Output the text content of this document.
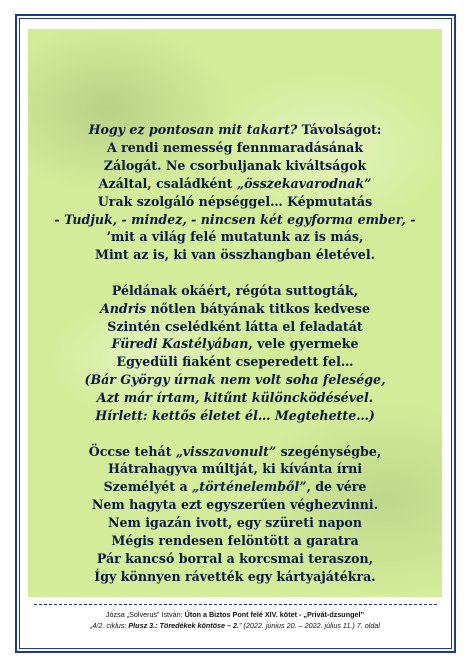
Hogy ez pontosan mit takart? Távolságot:
A rendi nemesség fennmaradásának
Zálogát. Ne csorbuljanak kiváltságok
Azáltal, családként „összekavarodnak”
Urak szolgáló népséggel… Képmutatás
- Tudjuk, - mindez, - nincsen két egyforma ember, -
’mit a világ felé mutatunk az is más,
Mint az is, ki van összhangban életével.
Példának okáért, régóta suttogták,
Andris nőtlen bátyának titkos kedvese
Szintén cselédként látta el feladatát
Füredi Kastélyában, vele gyermeke
Egyedüli fiaként cseperedett fel…
(Bár György úrnak nem volt soha felesége,
Azt már írtam, kitűnt különcködésével.
Hírlett: kettős életet él… Megtehette…)
Öccse tehát „visszavonult” szegénységbe,
Hátrahagyva múltját, ki kívánta írni
Személyét a „történelemből”, de vére
Nem hagyta ezt egyszerűen véghezvinni.
Nem igazán ivott, egy szüreti napon
Mégis rendesen felöntött a garatra
Pár kancsó borral a korcsmai teraszon,
Így könnyen rávették egy kártyajátékra.
Józsa „Solverus” István: Úton a Biztos Pont felé XIV. kötet - „Privát-dzsungel”
„4/2. ciklus: Plusz 3.: Töredékek köntöse – 2.” (2022. június 20. – 2022. július 11.) 7. oldal
